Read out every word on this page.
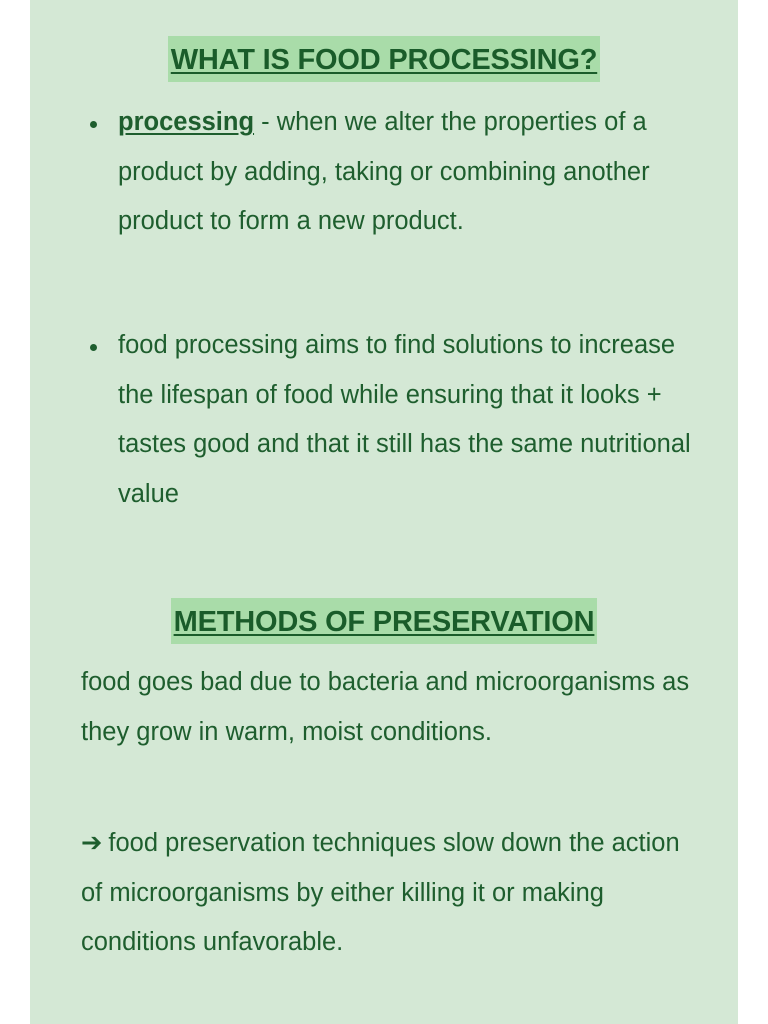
WHAT IS FOOD PROCESSING?

processing - when we alter the properties of a product by adding, taking or combining another product to form a new product.

food processing aims to find solutions to increase the lifespan of food while ensuring that it looks + tastes good and that it still has the same nutritional value

METHODS OF PRESERVATION

food goes bad due to bacteria and microorganisms as they grow in warm, moist conditions.

➔ food preservation techniques slow down the action of microorganisms by either killing it or making conditions unfavorable.
